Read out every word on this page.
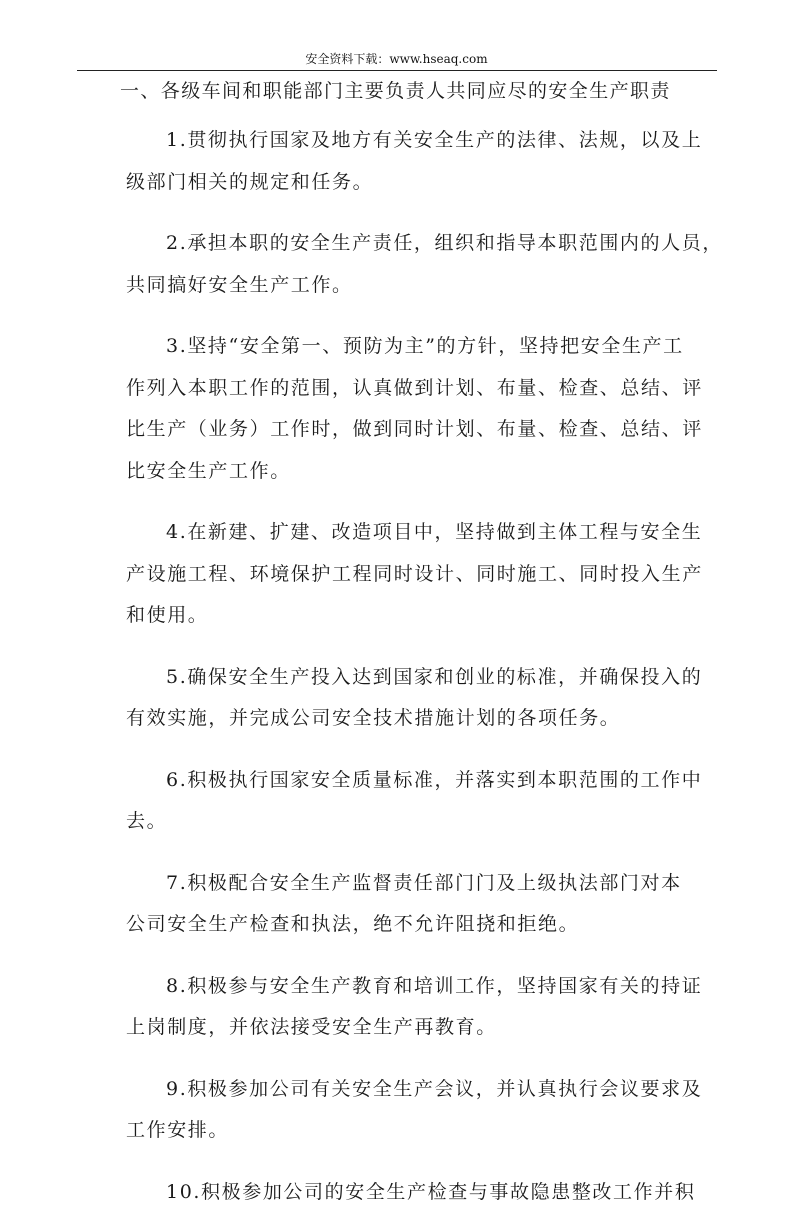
安全资料下载：www.hseaq.com
一、各级车间和职能部门主要负责人共同应尽的安全生产职责
1.贯彻执行国家及地方有关安全生产的法律、法规，以及上
级部门相关的规定和任务。
2.承担本职的安全生产责任，组织和指导本职范围内的人员，
共同搞好安全生产工作。
3.坚持“安全第一、预防为主”的方针，坚持把安全生产工
作列入本职工作的范围，认真做到计划、布量、检查、总结、评
比生产（业务）工作时，做到同时计划、布量、检查、总结、评
比安全生产工作。
4.在新建、扩建、改造项目中，坚持做到主体工程与安全生
产设施工程、环境保护工程同时设计、同时施工、同时投入生产
和使用。
5.确保安全生产投入达到国家和创业的标准，并确保投入的
有效实施，并完成公司安全技术措施计划的各项任务。
6.积极执行国家安全质量标准，并落实到本职范围的工作中
去。
7.积极配合安全生产监督责任部门门及上级执法部门对本
公司安全生产检查和执法，绝不允许阻挠和拒绝。
8.积极参与安全生产教育和培训工作，坚持国家有关的持证
上岗制度，并依法接受安全生产再教育。
9.积极参加公司有关安全生产会议，并认真执行会议要求及
工作安排。
10.积极参加公司的安全生产检查与事故隐患整改工作并积
